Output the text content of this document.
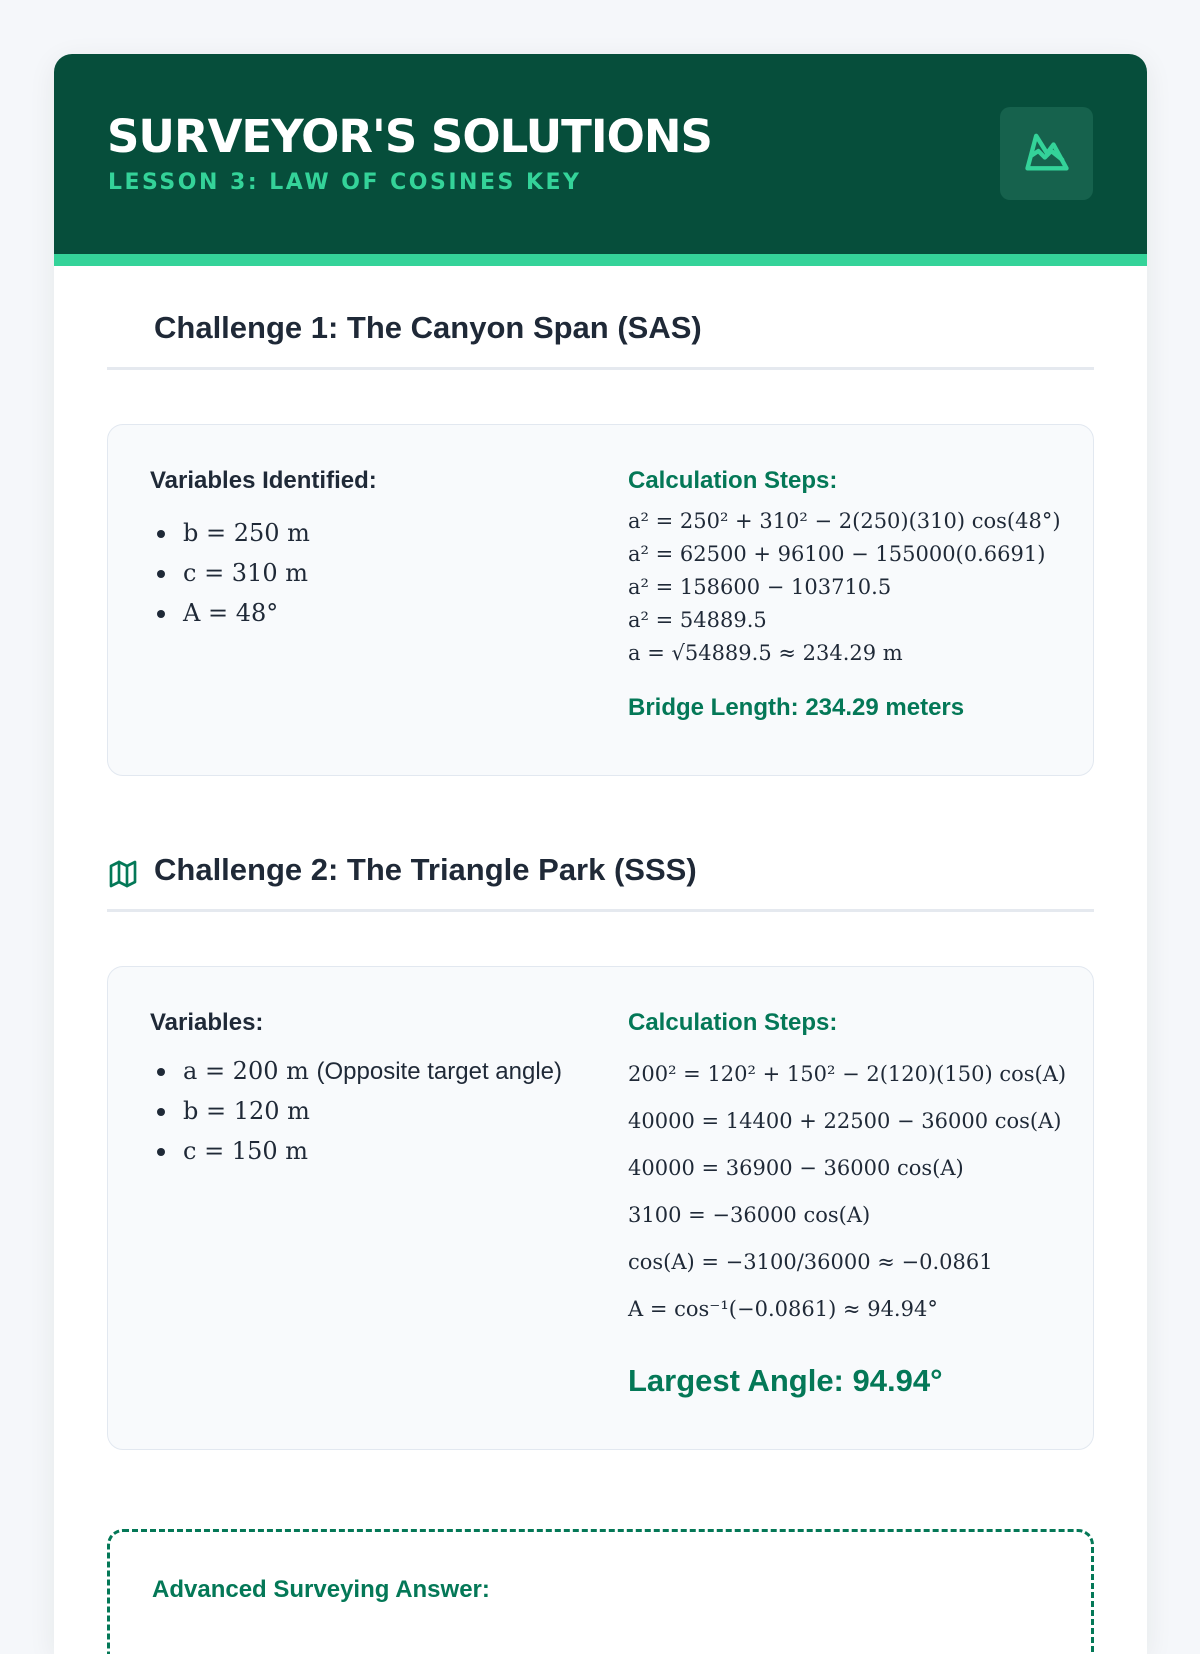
SURVEYOR'S SOLUTIONS
LESSON 3: LAW OF COSINES KEY
Challenge 1: The Canyon Span (SAS)
Variables Identified:
b = 250 m
c = 310 m
A = 48°
Calculation Steps:
a² = 250² + 310² − 2(250)(310) cos(48°)
a² = 62500 + 96100 − 155000(0.6691)
a² = 158600 − 103710.5
a² = 54889.5
a = √54889.5 ≈ 234.29 m
Bridge Length: 234.29 meters
Challenge 2: The Triangle Park (SSS)
Variables:
a = 200 m (Opposite target angle)
b = 120 m
c = 150 m
Calculation Steps:
200² = 120² + 150² − 2(120)(150) cos(A)
40000 = 14400 + 22500 − 36000 cos(A)
40000 = 36900 − 36000 cos(A)
3100 = −36000 cos(A)
cos(A) = −3100/36000 ≈ −0.0861
A = cos⁻¹(−0.0861) ≈ 94.94°
Largest Angle: 94.94°
Advanced Surveying Answer:
